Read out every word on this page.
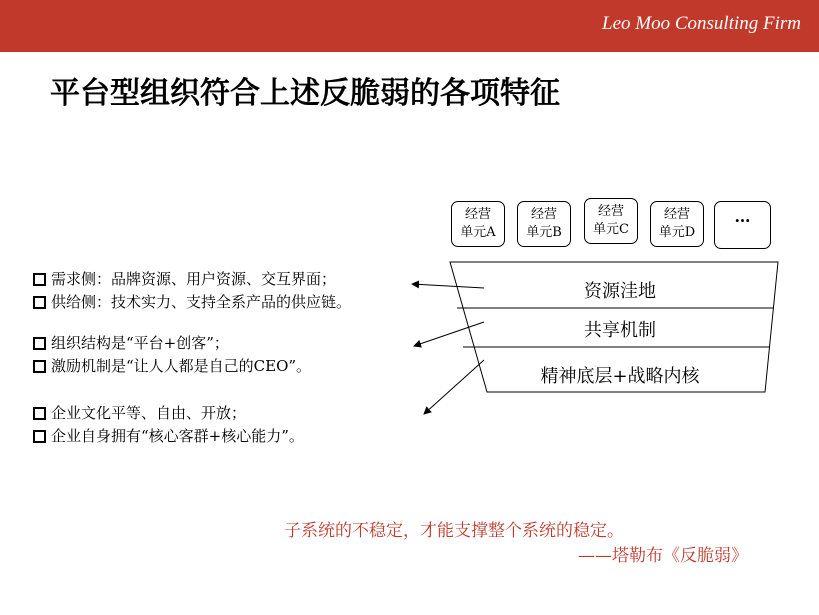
Leo Moo Consulting Firm
平台型组织符合上述反脆弱的各项特征
需求侧：品牌资源、用户资源、交互界面；
供给侧：技术实力、支持全系产品的供应链。
组织结构是“平台+创客”；
激励机制是“让人人都是自己的CEO”。
企业文化平等、自由、开放；
企业自身拥有“核心客群+核心能力”。
经营
单元A
经营
单元B
经营
单元C
经营
单元D
…
资源洼地
共享机制
精神底层+战略内核
子系统的不稳定，才能支撑整个系统的稳定。
——塔勒布《反脆弱》
